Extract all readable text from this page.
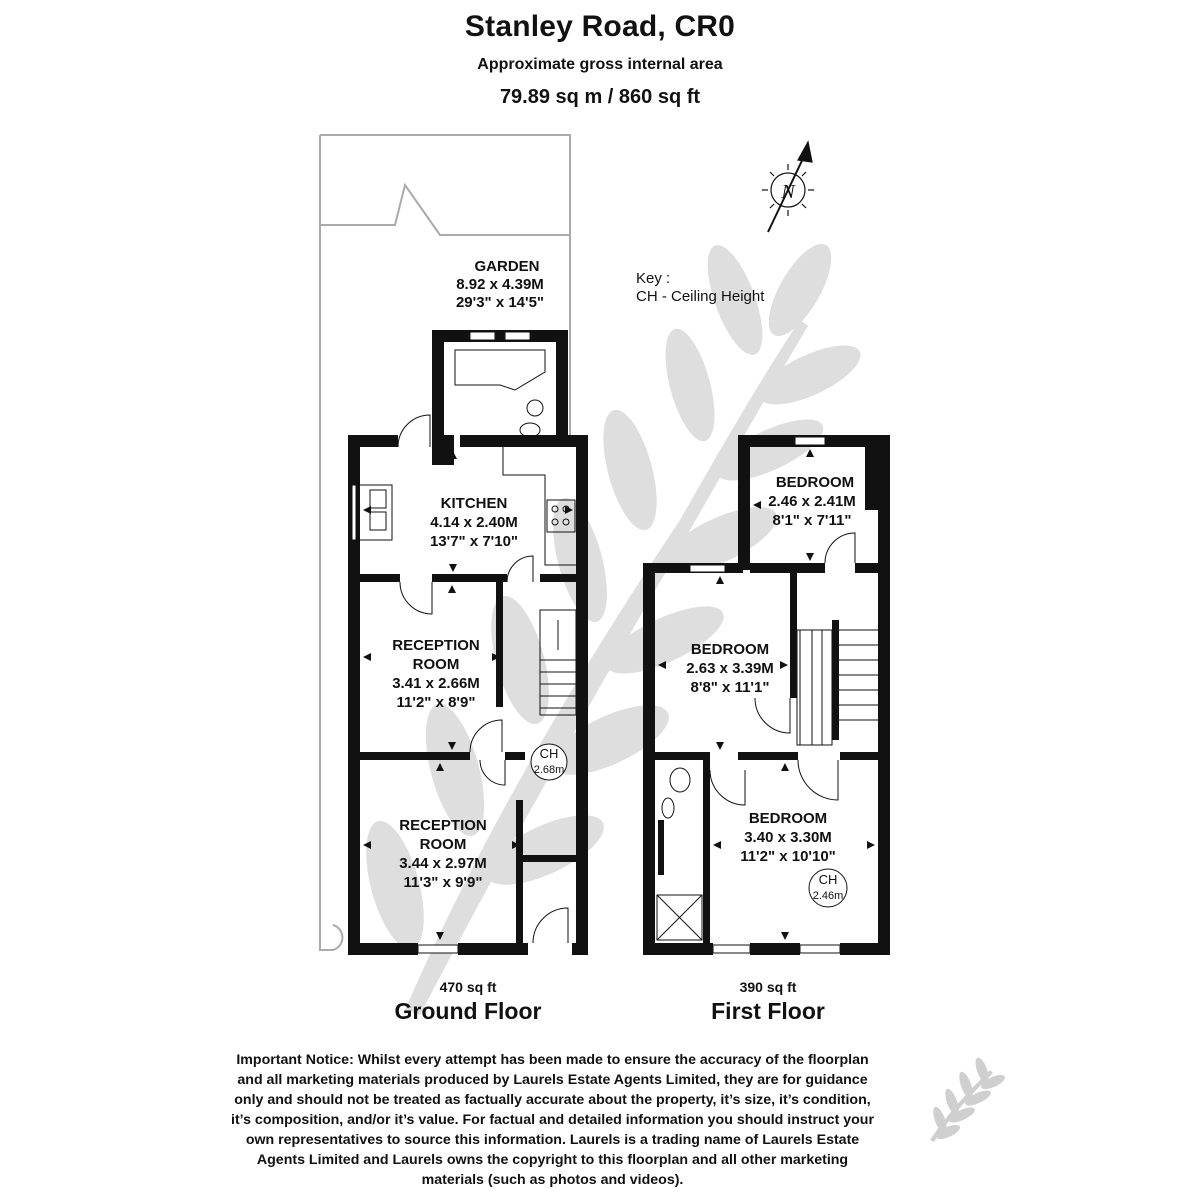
Stanley Road, CR0
Approximate gross internal area
79.89 sq m / 860 sq ft
GARDEN
8.92 x 4.39M
29'3" x 14'5"
KITCHEN
4.14 x 2.40M
13'7" x 7'10"
RECEPTION
ROOM
3.41 x 2.66M
11'2" x 8'9"
RECEPTION
ROOM
3.44 x 2.97M
11'3" x 9'9"
CH
2.68m
BEDROOM
2.46 x 2.41M
8'1" x 7'11"
BEDROOM
2.63 x 3.39M
8'8" x 11'1"
BEDROOM
3.40 x 3.30M
11'2" x 10'10"
CH
2.46m
Key :
CH - Ceiling Height
N
470 sq ft
Ground Floor
390 sq ft
First Floor
Important Notice: Whilst every attempt has been made to ensure the accuracy of the floorplan and all marketing materials produced by Laurels Estate Agents Limited, they are for guidance only and should not be treated as factually accurate about the property, it’s size, it’s condition, it’s composition, and/or it’s value. For factual and detailed information you should instruct your own representatives to source this information. Laurels is a trading name of Laurels Estate Agents Limited and Laurels owns the copyright to this floorplan and all other marketing materials (such as photos and videos).
